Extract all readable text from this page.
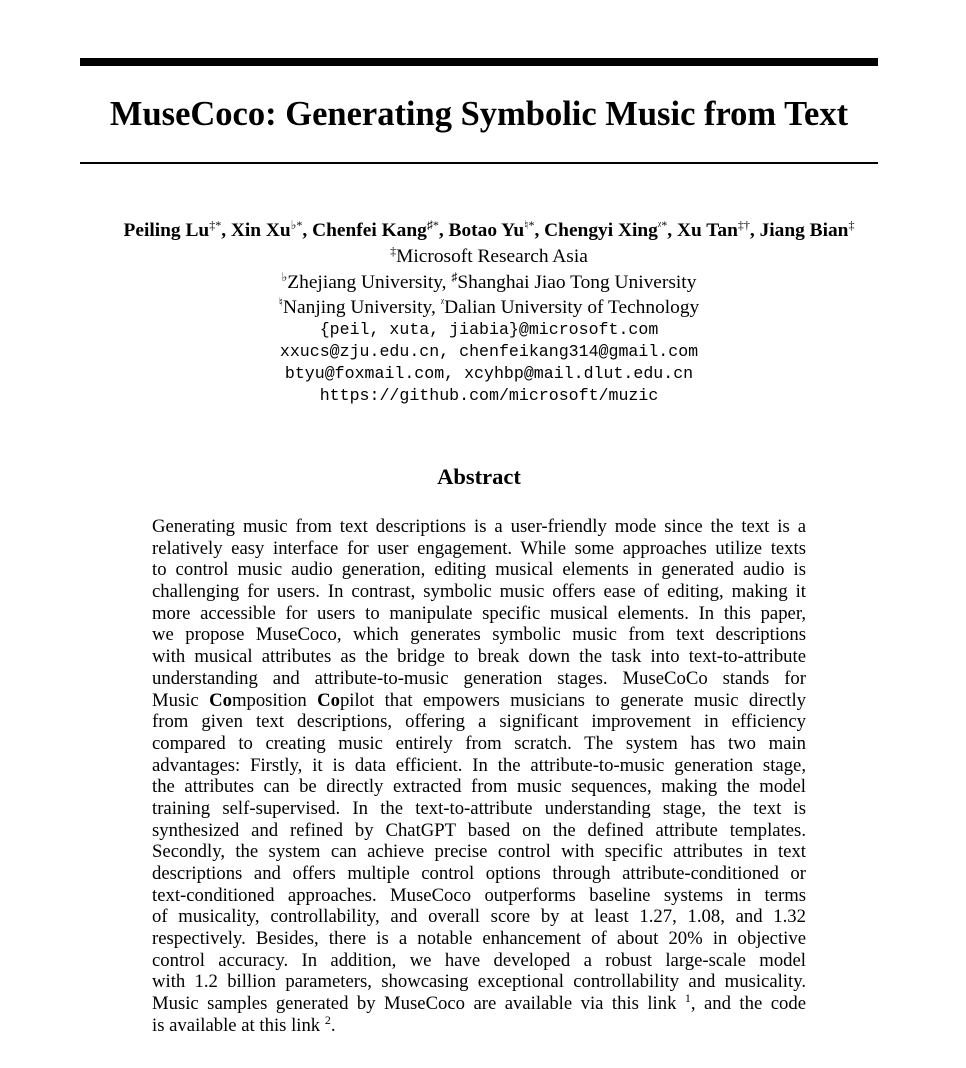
MuseCoco: Generating Symbolic Music from Text
Peiling Lu‡*, Xin Xu♭*, Chenfei Kang♯*, Botao Yu♮*, Chengyi Xing$^{ᵡ*}$, Xu Tan‡†, Jiang Bian‡
‡Microsoft Research Asia
♭Zhejiang University, ♯Shanghai Jiao Tong University
♮Nanjing University, $^ᵡ$Dalian University of Technology
{peil, xuta, jiabia}@microsoft.com
xxucs@zju.edu.cn, chenfeikang314@gmail.com
btyu@foxmail.com, xcyhbp@mail.dlut.edu.cn
https://github.com/microsoft/muzic
Abstract
Generating music from text descriptions is a user-friendly mode since the text is a
relatively easy interface for user engagement. While some approaches utilize texts
to control music audio generation, editing musical elements in generated audio is
challenging for users. In contrast, symbolic music offers ease of editing, making it
more accessible for users to manipulate specific musical elements. In this paper,
we propose MuseCoco, which generates symbolic music from text descriptions
with musical attributes as the bridge to break down the task into text-to-attribute
understanding and attribute-to-music generation stages. MuseCoCo stands for
Music Composition Copilot that empowers musicians to generate music directly
from given text descriptions, offering a significant improvement in efficiency
compared to creating music entirely from scratch. The system has two main
advantages: Firstly, it is data efficient. In the attribute-to-music generation stage,
the attributes can be directly extracted from music sequences, making the model
training self-supervised. In the text-to-attribute understanding stage, the text is
synthesized and refined by ChatGPT based on the defined attribute templates.
Secondly, the system can achieve precise control with specific attributes in text
descriptions and offers multiple control options through attribute-conditioned or
text-conditioned approaches. MuseCoco outperforms baseline systems in terms
of musicality, controllability, and overall score by at least 1.27, 1.08, and 1.32
respectively. Besides, there is a notable enhancement of about 20% in objective
control accuracy. In addition, we have developed a robust large-scale model
with 1.2 billion parameters, showcasing exceptional controllability and musicality.
Music samples generated by MuseCoco are available via this link $^1$, and the code
is available at this link $^2$.
